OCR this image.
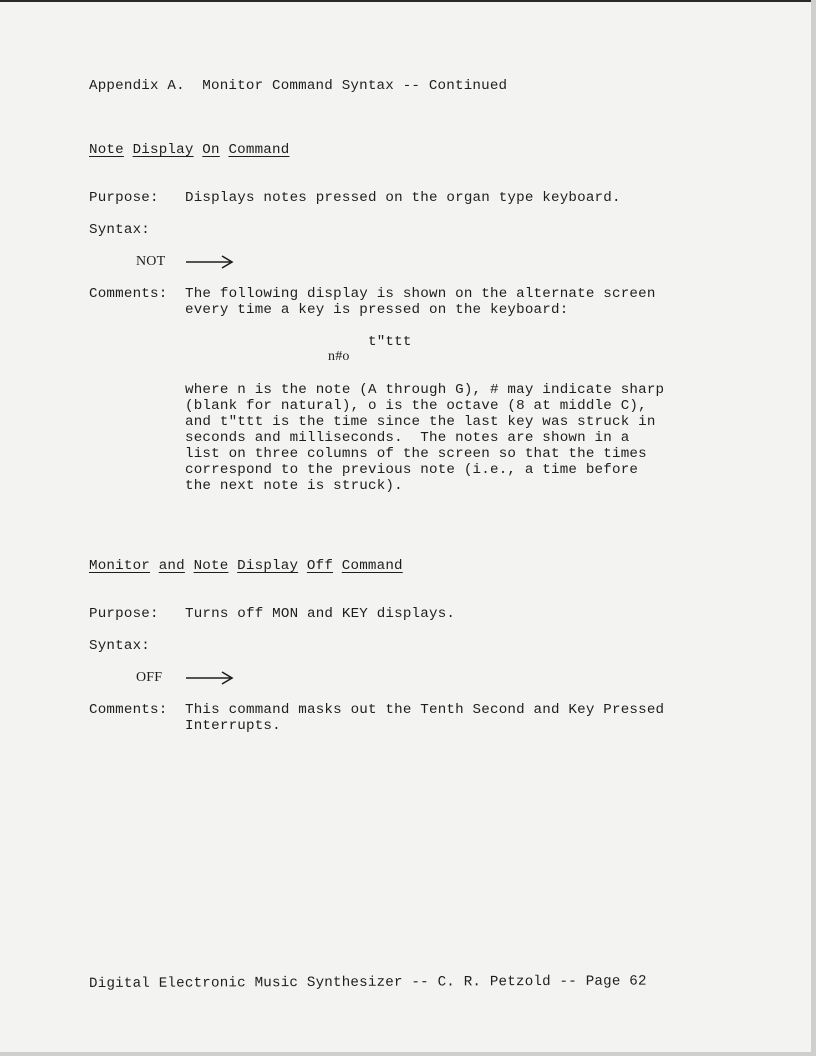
Appendix A.  Monitor Command Syntax -- Continued
Note Display On Command
Purpose: Displays notes pressed on the organ type keyboard.
Syntax:
NOT
Comments: The following display is shown on the alternate screen
every time a key is pressed on the keyboard:
t"ttt
n#o
where n is the note (A through G), # may indicate sharp
(blank for natural), o is the octave (8 at middle C),
and t"ttt is the time since the last key was struck in
seconds and milliseconds.  The notes are shown in a
list on three columns of the screen so that the times
correspond to the previous note (i.e., a time before
the next note is struck).
Monitor and Note Display Off Command
Purpose: Turns off MON and KEY displays.
Syntax:
OFF
Comments: This command masks out the Tenth Second and Key Pressed
Interrupts.
Digital Electronic Music Synthesizer -- C. R. Petzold -- Page 62
